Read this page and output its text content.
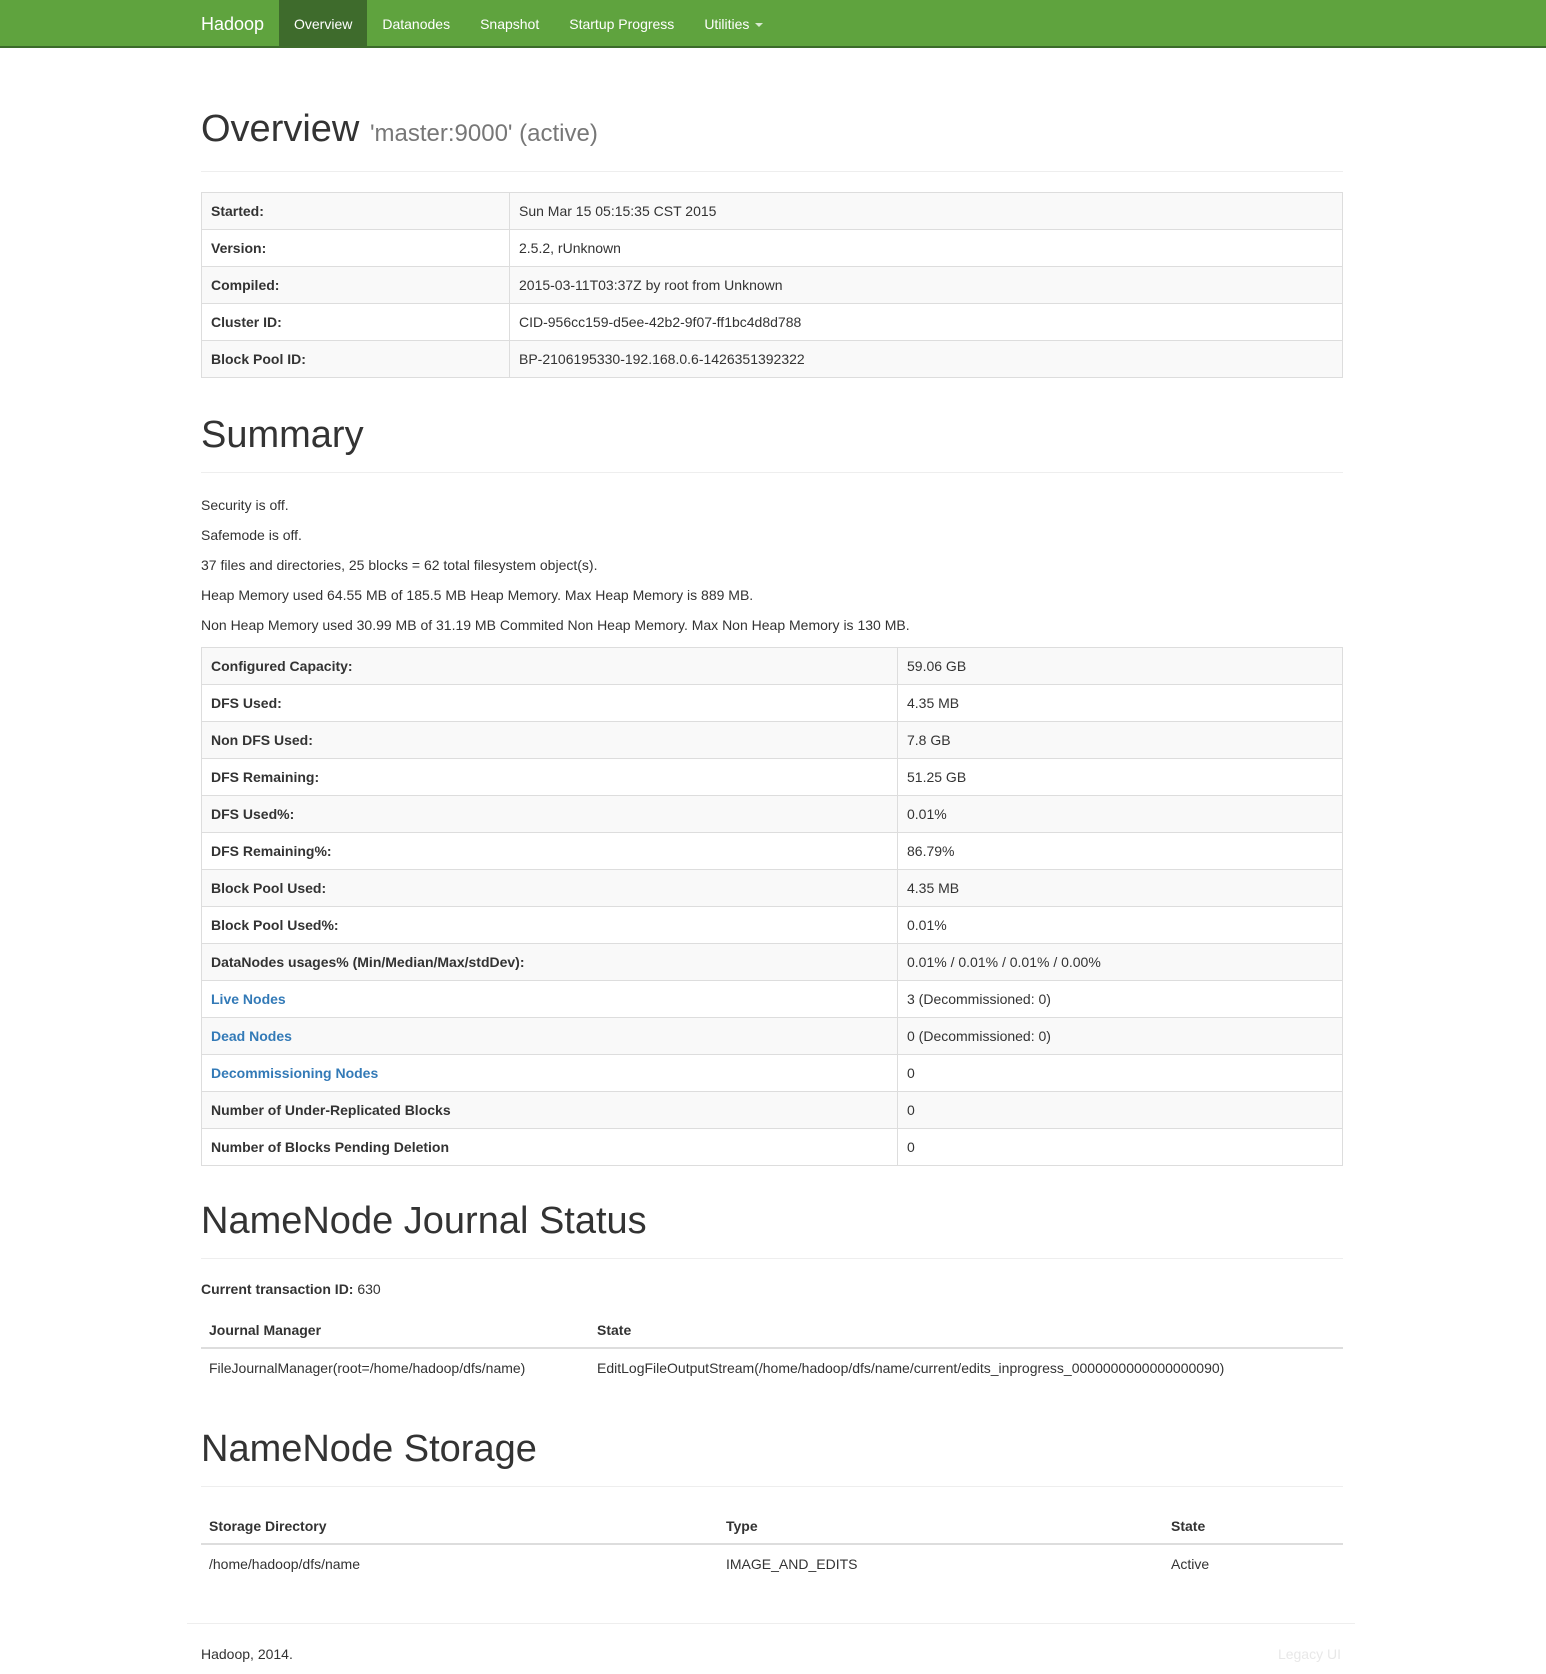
Hadoop	Overview	Datanodes	Snapshot	Startup Progress	Utilities
Overview 'master:9000' (active)
Started:	Sun Mar 15 05:15:35 CST 2015
Version:	2.5.2, rUnknown
Compiled:	2015-03-11T03:37Z by root from Unknown
Cluster ID:	CID-956cc159-d5ee-42b2-9f07-ff1bc4d8d788
Block Pool ID:	BP-2106195330-192.168.0.6-1426351392322
Summary

Security is off.

Safemode is off.

37 files and directories, 25 blocks = 62 total filesystem object(s).

Heap Memory used 64.55 MB of 185.5 MB Heap Memory. Max Heap Memory is 889 MB.

Non Heap Memory used 30.99 MB of 31.19 MB Commited Non Heap Memory. Max Non Heap Memory is 130 MB.

Configured Capacity:	59.06 GB
DFS Used:	4.35 MB
Non DFS Used:	7.8 GB
DFS Remaining:	51.25 GB
DFS Used%:	0.01%
DFS Remaining%:	86.79%
Block Pool Used:	4.35 MB
Block Pool Used%:	0.01%
DataNodes usages% (Min/Median/Max/stdDev):	0.01% / 0.01% / 0.01% / 0.00%
Live Nodes	3 (Decommissioned: 0)
Dead Nodes	0 (Decommissioned: 0)
Decommissioning Nodes	0
Number of Under-Replicated Blocks	0
Number of Blocks Pending Deletion	0
NameNode Journal Status
Current transaction ID: 630
Journal Manager	State
FileJournalManager(root=/home/hadoop/dfs/name)	EditLogFileOutputStream(/home/hadoop/dfs/name/current/edits_inprogress_0000000000000000090)
NameNode Storage
Storage Directory	Type	State
/home/hadoop/dfs/name	IMAGE_AND_EDITS	Active
Hadoop, 2014.	Legacy UI
